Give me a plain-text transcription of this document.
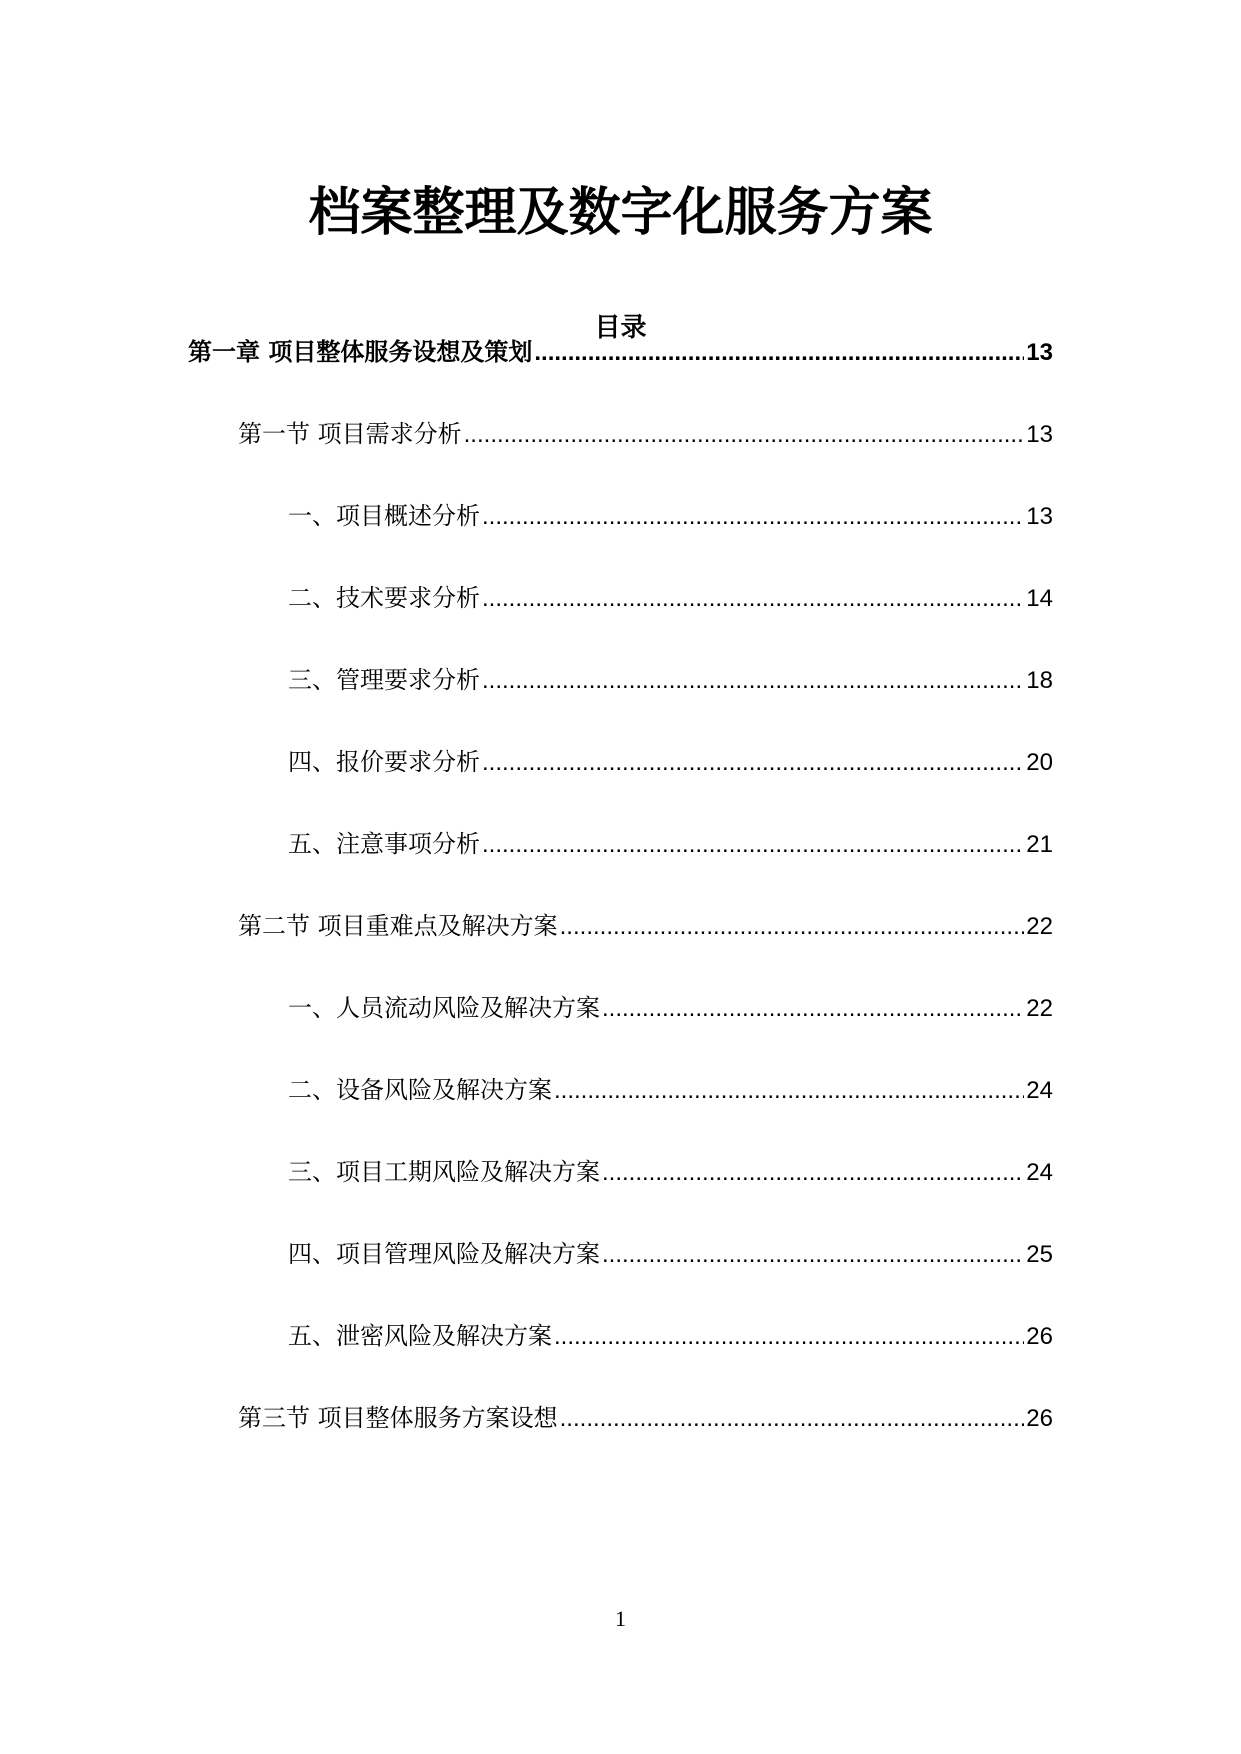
档案整理及数字化服务方案
目录
第一章 项目整体服务设想及策划 .....	13
第一节 项目需求分析 .....	13
一、项目概述分析 .....	13
二、技术要求分析 .....	14
三、管理要求分析 .....	18
四、报价要求分析 .....	20
五、注意事项分析 .....	21
第二节 项目重难点及解决方案 .....	22
一、人员流动风险及解决方案 .....	22
二、设备风险及解决方案 .....	24
三、项目工期风险及解决方案 .....	24
四、项目管理风险及解决方案 .....	25
五、泄密风险及解决方案 .....	26
第三节 项目整体服务方案设想 .....	26
1
